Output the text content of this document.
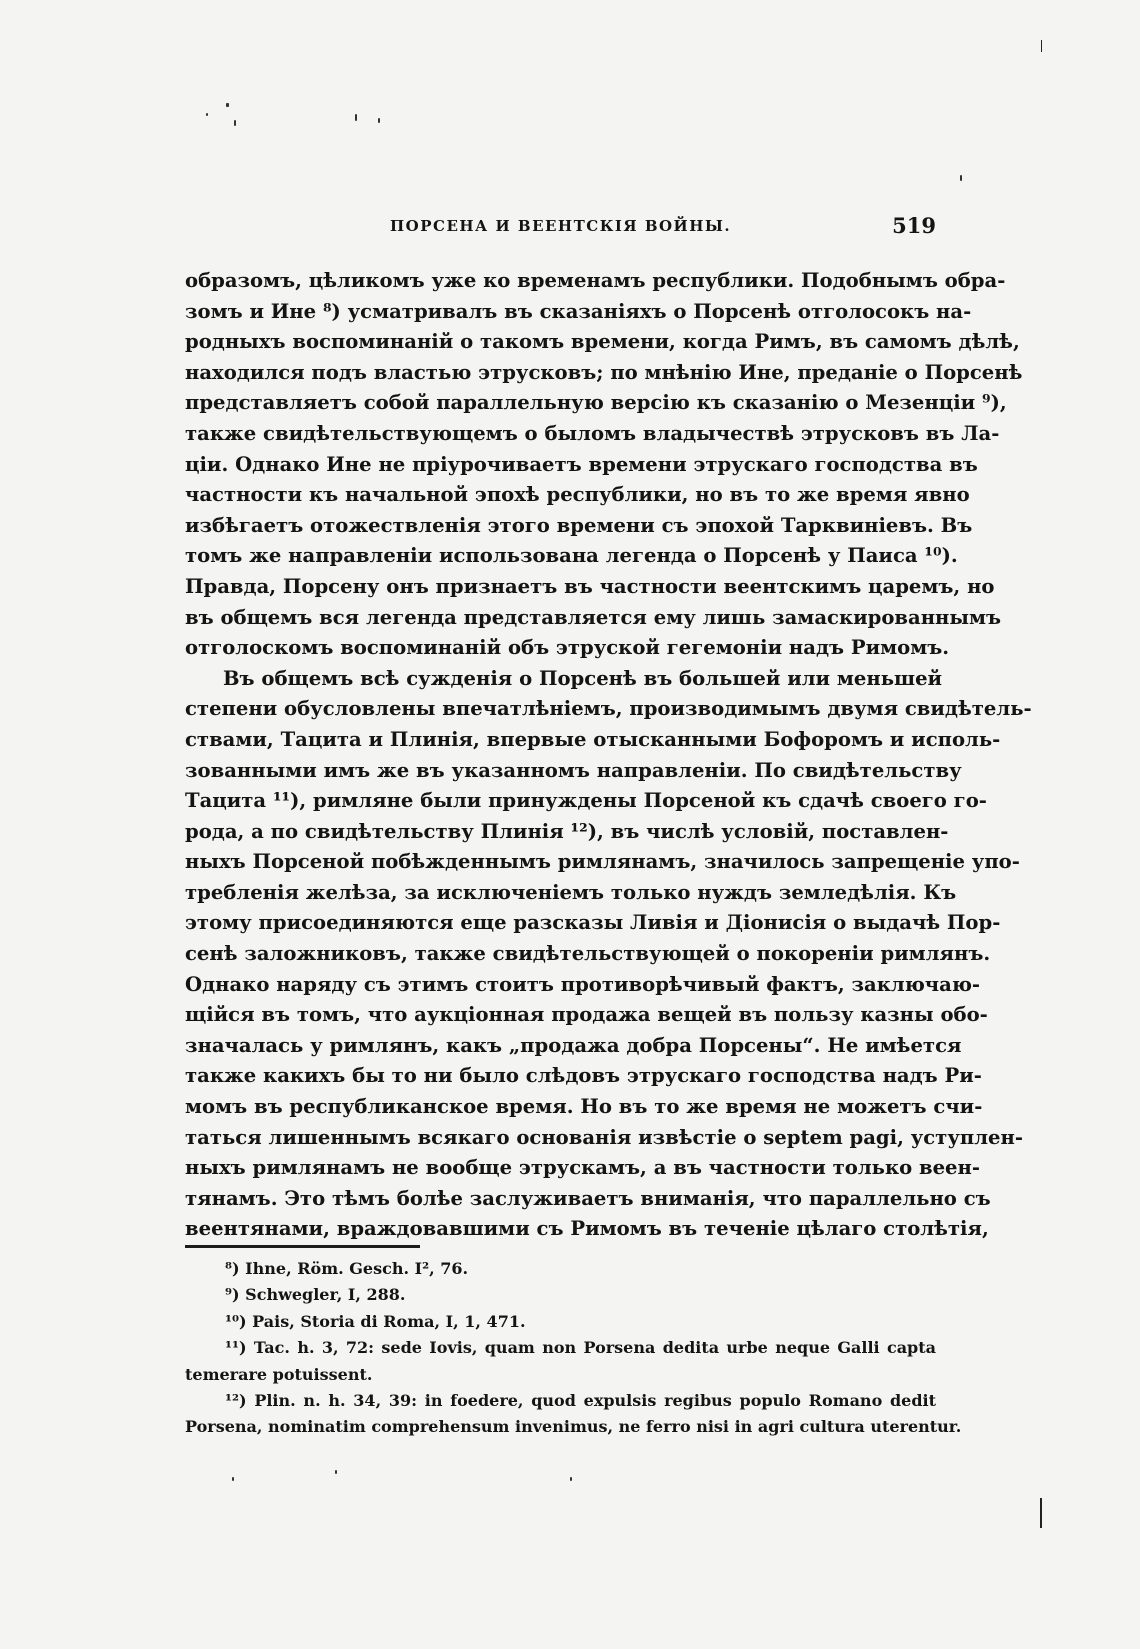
ПОРСЕНА И ВЕЕНТСКІЯ ВОЙНЫ.	519
образомъ, цѣликомъ уже ко временамъ республики. Подобнымъ обра-
зомъ и Ине ⁸) усматривалъ въ сказаніяхъ о Порсенѣ отголосокъ на-
родныхъ воспоминаній о такомъ времени, когда Римъ, въ самомъ дѣлѣ,
находился подъ властью этрусковъ; по мнѣнію Ине, преданіе о Порсенѣ
представляетъ собой параллельную версію къ сказанію о Мезенціи ⁹),
также свидѣтельствующемъ о быломъ владычествѣ этрусковъ въ Ла-
ціи. Однако Ине не пріурочиваетъ времени этрускаго господства въ
частности къ начальной эпохѣ республики, но въ то же время явно
избѣгаетъ отожествленія этого времени съ эпохой Тарквиніевъ. Въ
томъ же направленіи использована легенда о Порсенѣ у Паиса ¹⁰).
Правда, Порсену онъ признаетъ въ частности веентскимъ царемъ, но
въ общемъ вся легенда представляется ему лишь замаскированнымъ
отголоскомъ воспоминаній объ этруской гегемоніи надъ Римомъ.
Въ общемъ всѣ сужденія о Порсенѣ въ большей или меньшей
степени обусловлены впечатлѣніемъ, производимымъ двумя свидѣтель-
ствами, Тацита и Плинія, впервые отысканными Бофоромъ и исполь-
зованными имъ же въ указанномъ направленіи. По свидѣтельству
Тацита ¹¹), римляне были принуждены Порсеной къ сдачѣ своего го-
рода, а по свидѣтельству Плинія ¹²), въ числѣ условій, поставлен-
ныхъ Порсеной побѣжденнымъ римлянамъ, значилось запрещеніе упо-
требленія желѣза, за исключеніемъ только нуждъ земледѣлія. Къ
этому присоединяются еще разсказы Ливія и Діонисія о выдачѣ Пор-
сенѣ заложниковъ, также свидѣтельствующей о покореніи римлянъ.
Однако наряду съ этимъ стоитъ противорѣчивый фактъ, заключаю-
щійся въ томъ, что аукціонная продажа вещей въ пользу казны обо-
значалась у римлянъ, какъ „продажа добра Порсены“. Не имѣется
также какихъ бы то ни было слѣдовъ этрускаго господства надъ Ри-
момъ въ республиканское время. Но въ то же время не можетъ счи-
таться лишеннымъ всякаго основанія извѣстіе о septem pagi, уступлен-
ныхъ римлянамъ не вообще этрускамъ, а въ частности только веен-
тянамъ. Это тѣмъ болѣе заслуживаетъ вниманія, что параллельно съ
веентянами, враждовавшими съ Римомъ въ теченіе цѣлаго столѣтія,
⁸) Ihne, Röm. Gesch. I², 76.
⁹) Schwegler, I, 288.
¹⁰) Pais, Storia di Roma, I, 1, 471.
¹¹) Tac. h. 3, 72: sede Iovis, quam non Porsena dedita urbe neque Galli capta
temerare potuissent.
¹²) Plin. n. h. 34, 39: in foedere, quod expulsis regibus populo Romano dedit
Porsena, nominatim comprehensum invenimus, ne ferro nisi in agri cultura uterentur.
